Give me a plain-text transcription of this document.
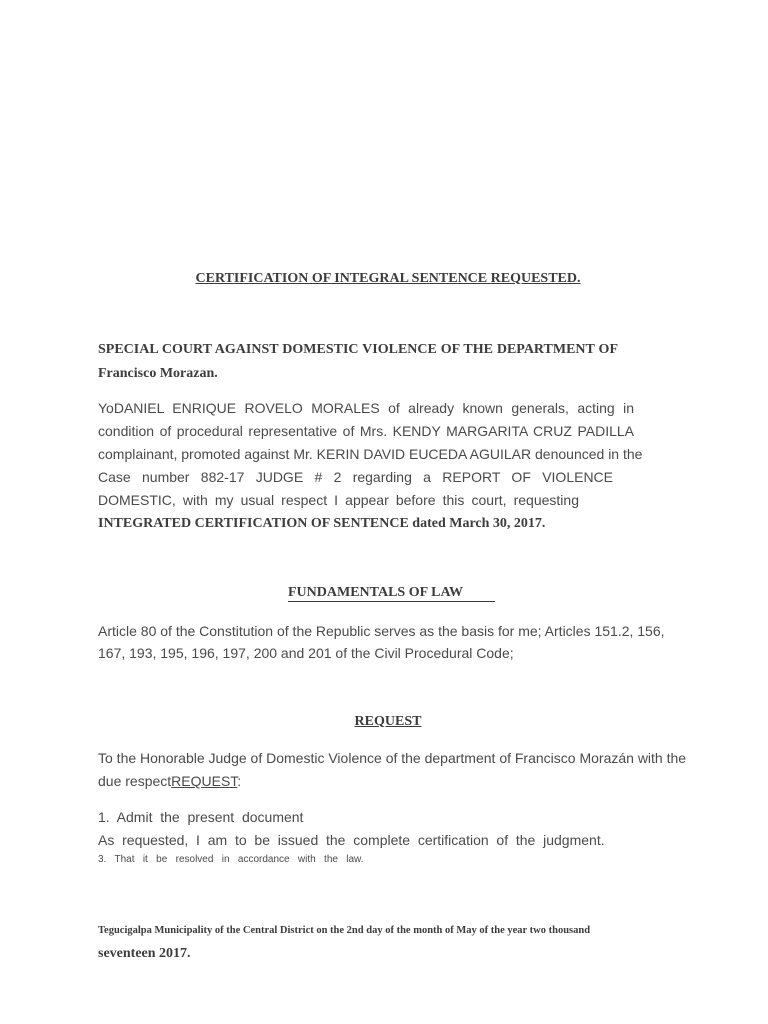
CERTIFICATION OF INTEGRAL SENTENCE REQUESTED.
SPECIAL COURT AGAINST DOMESTIC VIOLENCE OF THE DEPARTMENT OF
Francisco Morazan.
YoDANIEL ENRIQUE ROVELO MORALES of already known generals, acting in
condition of procedural representative of Mrs. KENDY MARGARITA CRUZ PADILLA
complainant, promoted against Mr. KERIN DAVID EUCEDA AGUILAR denounced in the
Case number 882-17 JUDGE # 2 regarding a REPORT OF VIOLENCE
DOMESTIC, with my usual respect I appear before this court, requesting
INTEGRATED CERTIFICATION OF SENTENCE dated March 30, 2017.
FUNDAMENTALS OF LAW
Article 80 of the Constitution of the Republic serves as the basis for me; Articles 151.2, 156,
167, 193, 195, 196, 197, 200 and 201 of the Civil Procedural Code;
REQUEST
To the Honorable Judge of Domestic Violence of the department of Francisco Morazán with the
due respectREQUEST:
1.  Admit  the  present  document
As  requested,  I  am  to  be  issued  the  complete  certification  of  the  judgment.
3.   That   it   be   resolved   in   accordance   with   the   law.
Tegucigalpa Municipality of the Central District on the 2nd day of the month of May of the year two thousand
seventeen 2017.
